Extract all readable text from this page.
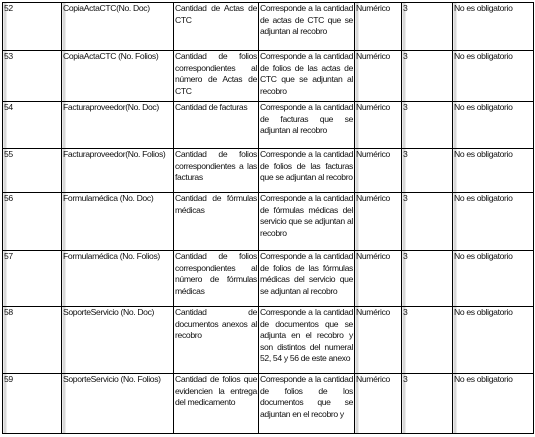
52	CopiaActaCTC(No. Doc)	Cantidad de Actas de CTC	Corresponde a la cantidad de actas de CTC que se adjuntan al recobro	Numérico	3	No es obligatorio
53	CopiaActaCTC (No. Folios)	Cantidad de folios correspondientes al número de Actas de CTC	Corresponde a la cantidad de folios de las actas de CTC que se adjuntan al recobro	Numérico	3	No es obligatorio
54	Facturaproveedor(No. Doc)	Cantidad de facturas	Corresponde a la cantidad de facturas que se adjuntan al recobro	Numérico	3	No es obligatorio
55	Facturaproveedor(No. Folios)	Cantidad de folios correspondientes a las facturas	Corresponde a la cantidad de folios de las facturas que se adjuntan al recobro	Numérico	3	No es obligatorio
56	Formulamédica (No. Doc)	Cantidad de fórmulas médicas	Corresponde a la cantidad de fórmulas médicas del servicio que se adjuntan al recobro	Numérico	3	No es obligatorio
57	Formulamédica (No. Folios)	Cantidad de folios correspondientes al número de fórmulas médicas	Corresponde a la cantidad de folios de las fórmulas médicas del servicio que se adjuntan al recobro	Numérico	3	No es obligatorio
58	SoporteServicio (No. Doc)	Cantidad de documentos anexos al recobro	Corresponde a la cantidad de documentos que se adjunta en el recobro y son distintos del numeral 52, 54 y 56 de este anexo	Numérico	3	No es obligatorio
59	SoporteServicio (No. Folios)	Cantidad de folios que evidencien la entrega del medicamento	Corresponde a la cantidad de folios de los documentos que se adjuntan en el recobro y	Numérico	3	No es obligatorio
